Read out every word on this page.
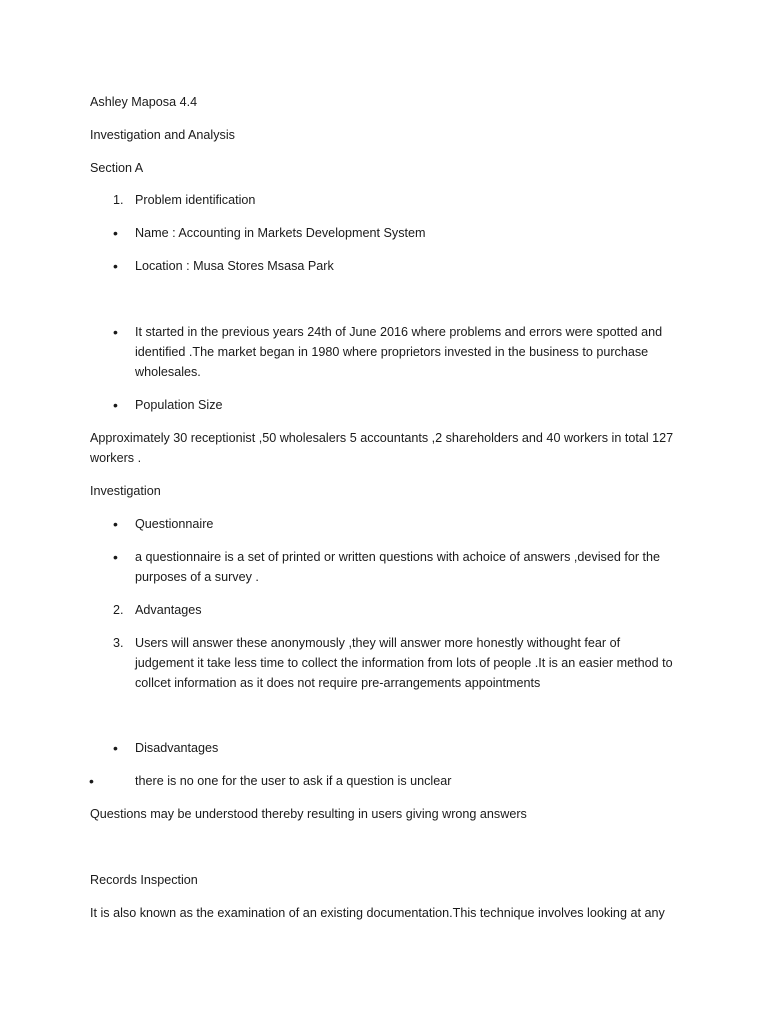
Ashley Maposa 4.4
Investigation and Analysis
Section A
1. Problem identification
• Name : Accounting in Markets Development System
• Location : Musa Stores Msasa Park
• It started in the previous years 24th of June 2016 where problems and errors were spotted and identified .The market began in 1980 where proprietors invested in the business to purchase wholesales.
• Population Size
Approximately 30 receptionist ,50 wholesalers 5 accountants ,2 shareholders and 40 workers in total 127 workers .
Investigation
• Questionnaire
• a questionnaire is a set of printed or written questions with achoice of answers ,devised for the purposes of a survey .
2. Advantages
3. Users will answer these anonymously ,they will answer more honestly withought fear of judgement it take less time to collect the information from lots of people .It is an easier method to collcet information as it does not require pre-arrangements appointments
• Disadvantages
•	there is no one for the user to ask if a question is unclear
Questions may be understood thereby resulting in users giving wrong answers
Records Inspection
It is also known as the examination of an existing documentation.This technique involves looking at any
